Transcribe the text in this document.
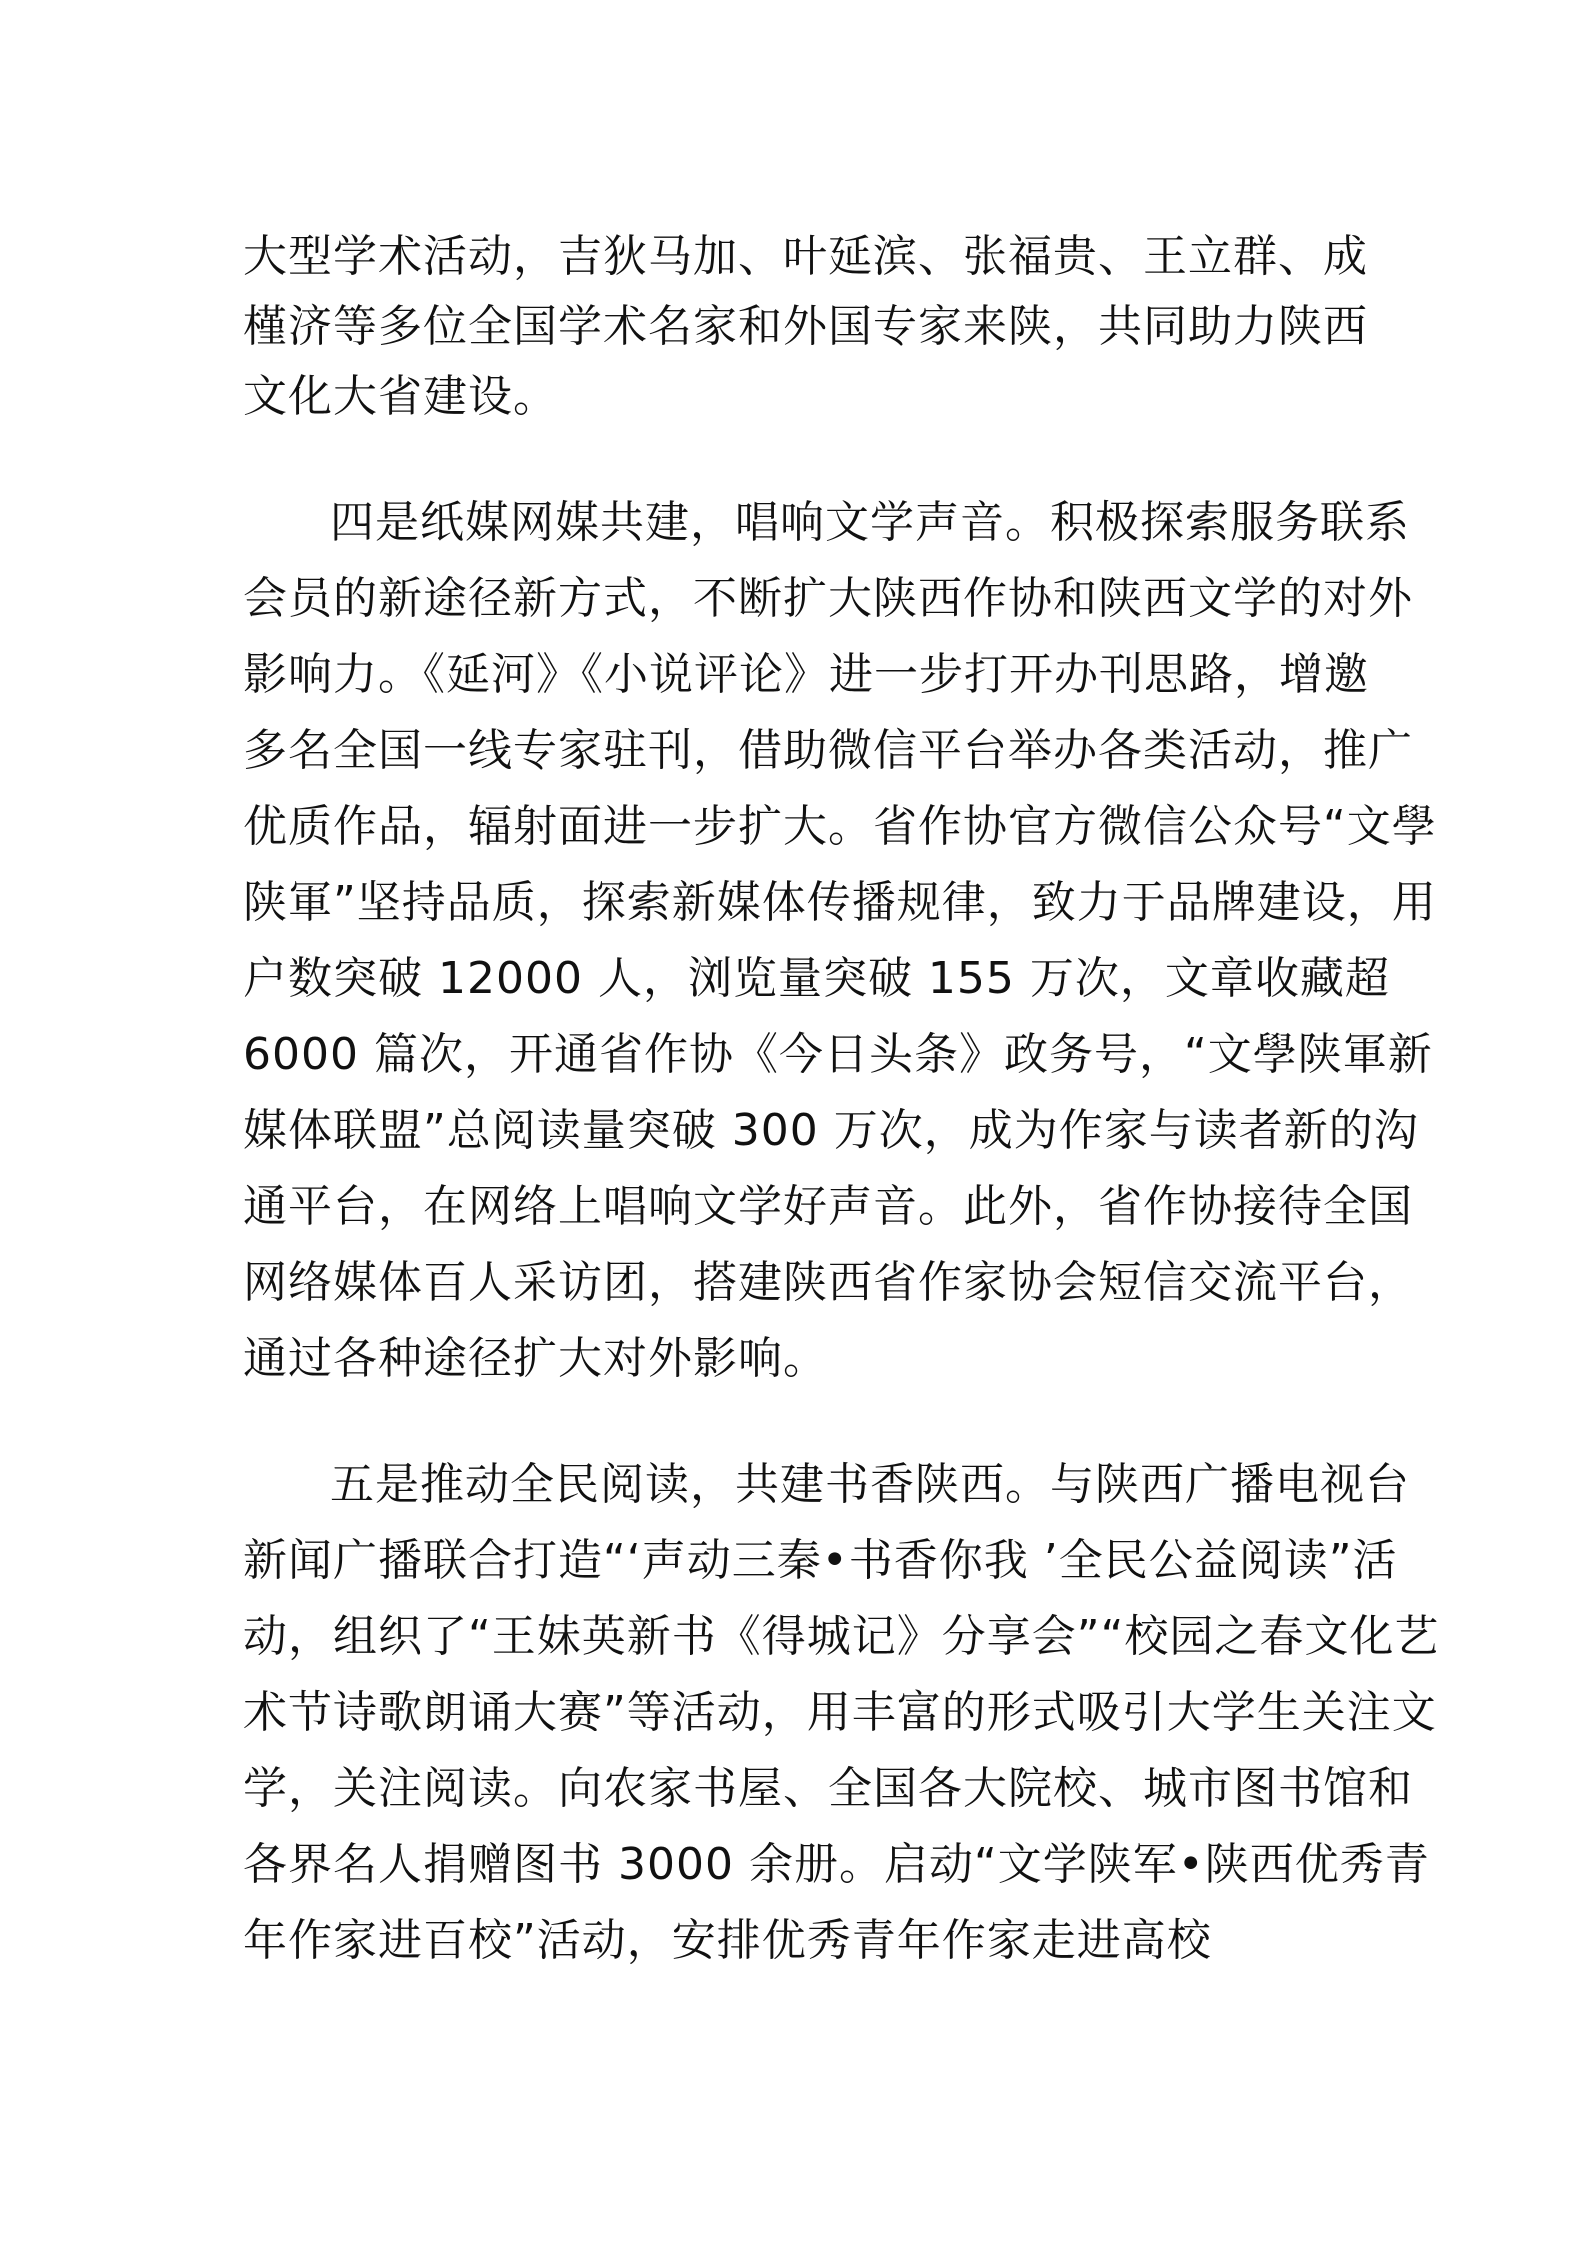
大型学术活动，吉狄马加、叶延滨、张福贵、王立群、成
槿济等多位全国学术名家和外国专家来陕，共同助力陕西
文化大省建设。
四是纸媒网媒共建，唱响文学声音。积极探索服务联系
会员的新途径新方式，不断扩大陕西作协和陕西文学的对外
影响力。《延河》《小说评论》进一步打开办刊思路，增邀
多名全国一线专家驻刊，借助微信平台举办各类活动，推广
优质作品，辐射面进一步扩大。省作协官方微信公众号“文學
陕軍”坚持品质，探索新媒体传播规律，致力于品牌建设，用
户数突破 12000 人，浏览量突破 155 万次，文章收藏超
6000 篇次，开通省作协《今日头条》政务号，“文學陕軍新
媒体联盟”总阅读量突破 300 万次，成为作家与读者新的沟
通平台，在网络上唱响文学好声音。此外，省作协接待全国
网络媒体百人采访团，搭建陕西省作家协会短信交流平台，
通过各种途径扩大对外影响。
五是推动全民阅读，共建书香陕西。与陕西广播电视台
新闻广播联合打造“‘声动三秦•书香你我 ’全民公益阅读”活
动，组织了“王妹英新书《得城记》分享会”“校园之春文化艺
术节诗歌朗诵大赛”等活动，用丰富的形式吸引大学生关注文
学，关注阅读。向农家书屋、全国各大院校、城市图书馆和
各界名人捐赠图书 3000 余册。启动“文学陕军•陕西优秀青
年作家进百校”活动，安排优秀青年作家走进高校
